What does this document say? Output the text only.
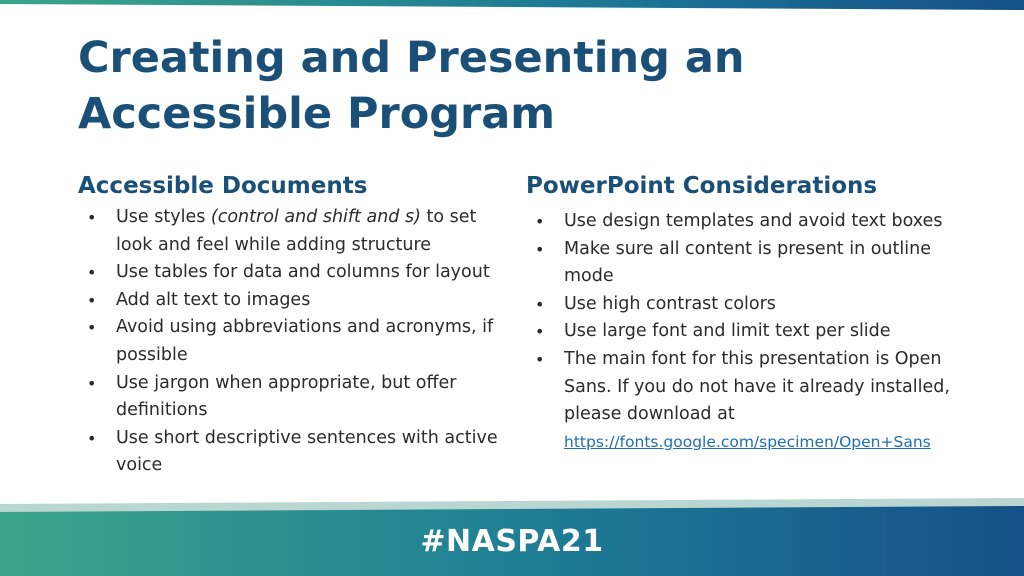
Creating and Presenting an Accessible Program
Accessible Documents
• Use styles (control and shift and s) to set look and feel while adding structure
• Use tables for data and columns for layout
• Add alt text to images
• Avoid using abbreviations and acronyms, if possible
• Use jargon when appropriate, but offer definitions
• Use short descriptive sentences with active voice
PowerPoint Considerations
• Use design templates and avoid text boxes
• Make sure all content is present in outline mode
• Use high contrast colors
• Use large font and limit text per slide
• The main font for this presentation is Open Sans. If you do not have it already installed, please download at https://fonts.google.com/specimen/Open+Sans
#NASPA21
